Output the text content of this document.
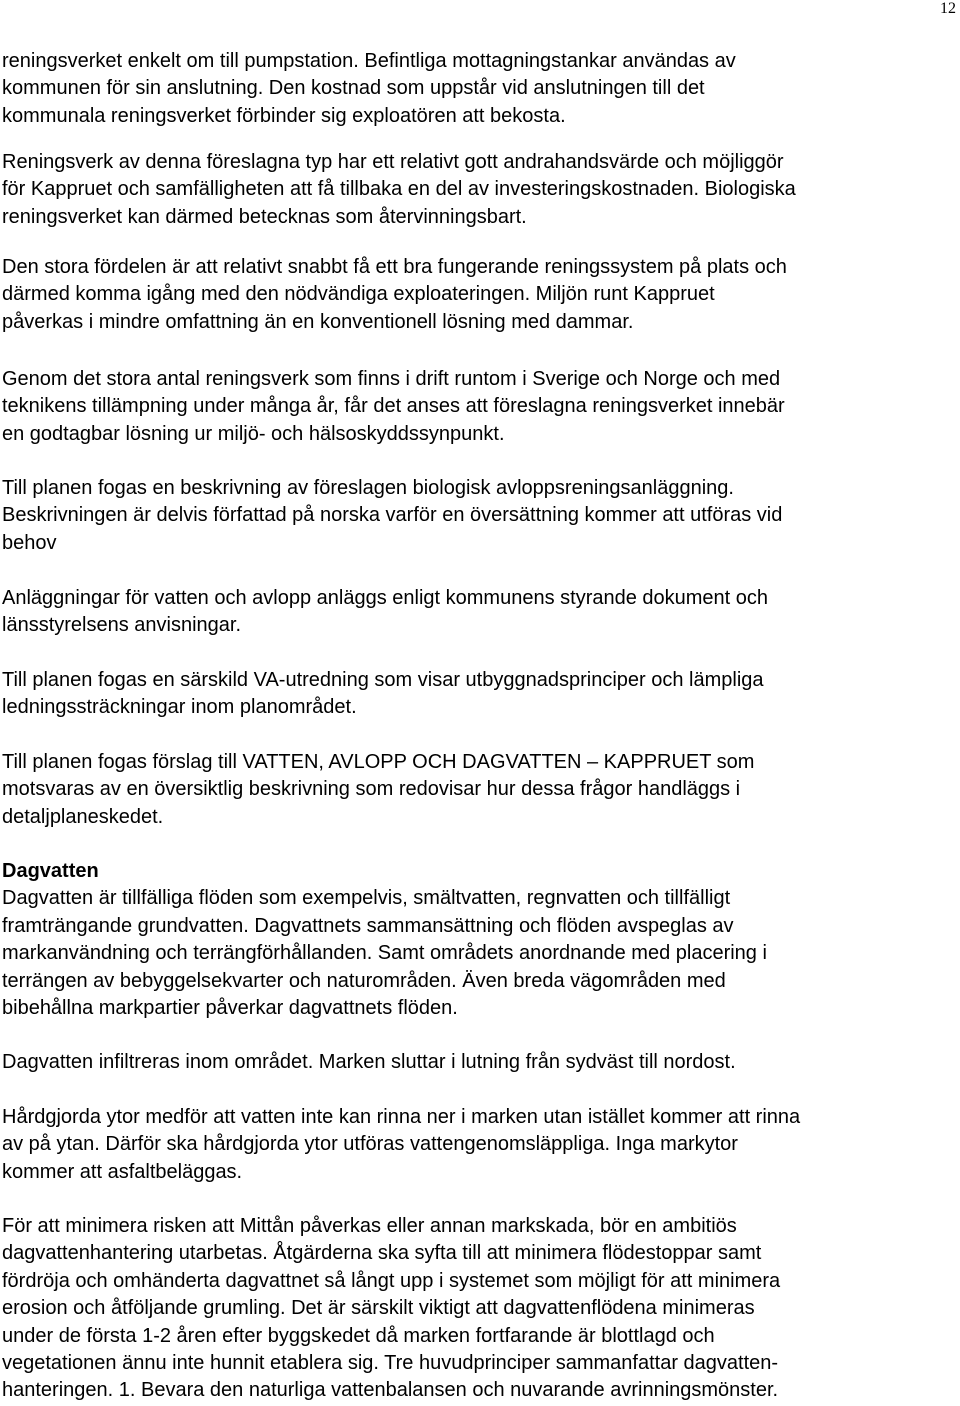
12

reningsverket enkelt om till pumpstation. Befintliga mottagningstankar användas av
kommunen för sin anslutning. Den kostnad som uppstår vid anslutningen till det
kommunala reningsverket förbinder sig exploatören att bekosta.

Reningsverk av denna föreslagna typ har ett relativt gott andrahandsvärde och möjliggör
för Kappruet och samfälligheten att få tillbaka en del av investeringskostnaden. Biologiska
reningsverket kan därmed betecknas som återvinningsbart.

Den stora fördelen är att relativt snabbt få ett bra fungerande reningssystem på plats och
därmed komma igång med den nödvändiga exploateringen. Miljön runt Kappruet
påverkas i mindre omfattning än en konventionell lösning med dammar.

Genom det stora antal reningsverk som finns i drift runtom i Sverige och Norge och med
teknikens tillämpning under många år, får det anses att föreslagna reningsverket innebär
en godtagbar lösning ur miljö- och hälsoskyddssynpunkt.

Till planen fogas en beskrivning av föreslagen biologisk avloppsreningsanläggning.
Beskrivningen är delvis författad på norska varför en översättning kommer att utföras vid
behov

Anläggningar för vatten och avlopp anläggs enligt kommunens styrande dokument och
länsstyrelsens anvisningar.

Till planen fogas en särskild VA-utredning som visar utbyggnadsprinciper och lämpliga
ledningssträckningar inom planområdet.

Till planen fogas förslag till VATTEN, AVLOPP OCH DAGVATTEN – KAPPRUET som
motsvaras av en översiktlig beskrivning som redovisar hur dessa frågor handläggs i
detaljplaneskedet.

Dagvatten
Dagvatten är tillfälliga flöden som exempelvis, smältvatten, regnvatten och tillfälligt
framträngande grundvatten. Dagvattnets sammansättning och flöden avspeglas av
markanvändning och terrängförhållanden. Samt områdets anordnande med placering i
terrängen av bebyggelsekvarter och naturområden. Även breda vägområden med
bibehållna markpartier påverkar dagvattnets flöden.

Dagvatten infiltreras inom området. Marken sluttar i lutning från sydväst till nordost.

Hårdgjorda ytor medför att vatten inte kan rinna ner i marken utan istället kommer att rinna
av på ytan. Därför ska hårdgjorda ytor utföras vattengenomsläppliga. Inga markytor
kommer att asfaltbeläggas.

För att minimera risken att Mittån påverkas eller annan markskada, bör en ambitiös
dagvattenhantering utarbetas. Åtgärderna ska syfta till att minimera flödestoppar samt
fördröja och omhänderta dagvattnet så långt upp i systemet som möjligt för att minimera
erosion och åtföljande grumling. Det är särskilt viktigt att dagvattenflödena minimeras
under de första 1-2 åren efter byggskedet då marken fortfarande är blottlagd och
vegetationen ännu inte hunnit etablera sig. Tre huvudprinciper sammanfattar dagvatten-
hanteringen. 1. Bevara den naturliga vattenbalansen och nuvarande avrinningsmönster.
